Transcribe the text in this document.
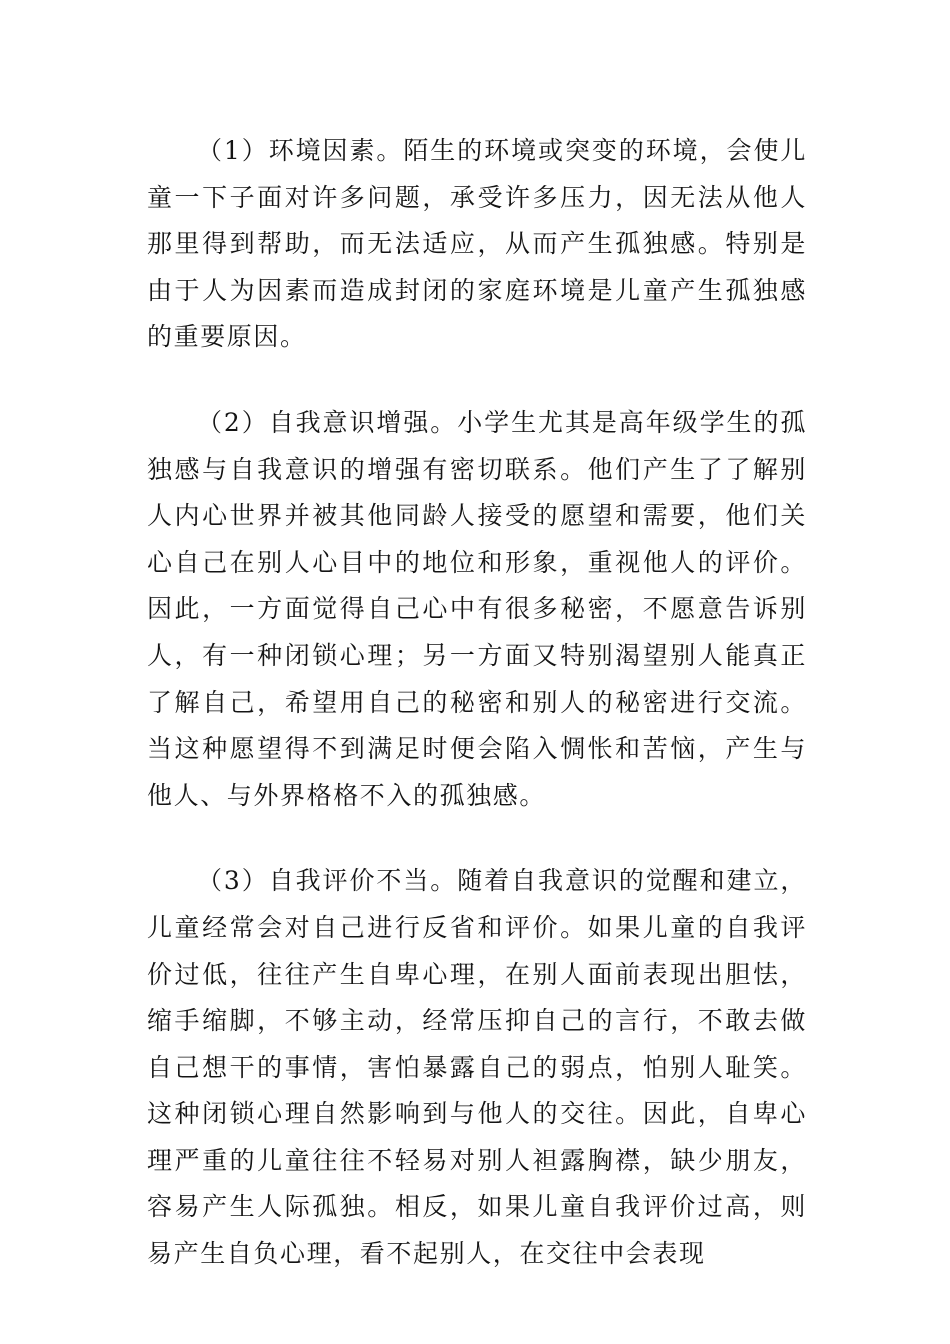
（1）环境因素。陌生的环境或突变的环境，会使儿童一下子面对许多问题，承受许多压力，因无法从他人那里得到帮助，而无法适应，从而产生孤独感。特别是由于人为因素而造成封闭的家庭环境是儿童产生孤独感的重要原因。

（2）自我意识增强。小学生尤其是高年级学生的孤独感与自我意识的增强有密切联系。他们产生了了解别人内心世界并被其他同龄人接受的愿望和需要，他们关心自己在别人心目中的地位和形象，重视他人的评价。因此，一方面觉得自己心中有很多秘密，不愿意告诉别人，有一种闭锁心理；另一方面又特别渴望别人能真正了解自己，希望用自己的秘密和别人的秘密进行交流。当这种愿望得不到满足时便会陷入惆怅和苦恼，产生与他人、与外界格格不入的孤独感。

（3）自我评价不当。随着自我意识的觉醒和建立，儿童经常会对自己进行反省和评价。如果儿童的自我评价过低，往往产生自卑心理，在别人面前表现出胆怯，缩手缩脚，不够主动，经常压抑自己的言行，不敢去做自己想干的事情，害怕暴露自己的弱点，怕别人耻笑。这种闭锁心理自然影响到与他人的交往。因此，自卑心理严重的儿童往往不轻易对别人袒露胸襟，缺少朋友，容易产生人际孤独。相反，如果儿童自我评价过高，则易产生自负心理，看不起别人，在交往中会表现
